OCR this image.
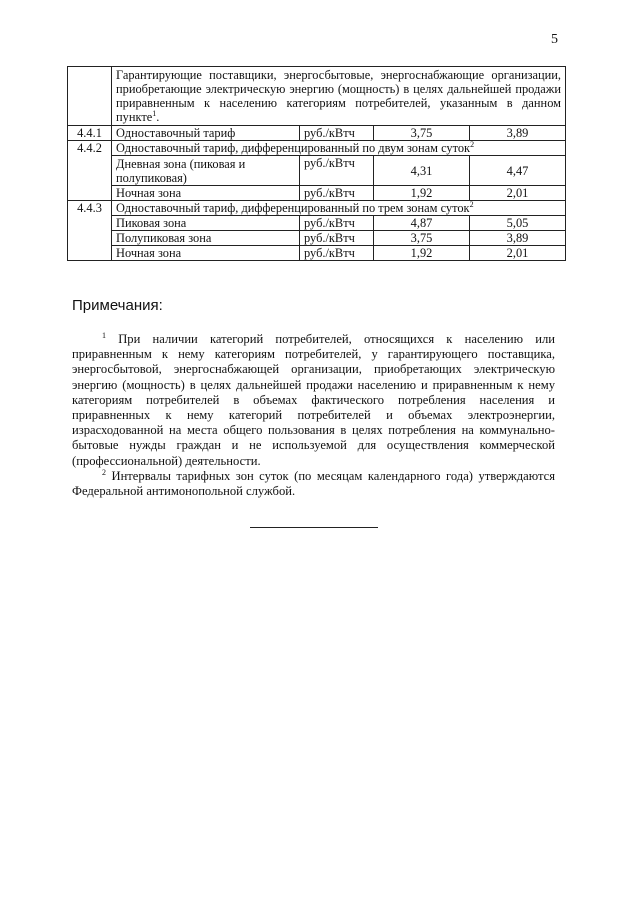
5
	Гарантирующие поставщики, энергосбытовые, энергоснабжающие организации, приобретающие электрическую энергию (мощность) в целях дальнейшей продажи приравненным к населению категориям потребителей, указанным в данном пункте$^1$.			
4.4.1	Одноставочный тариф	руб./кВтч	3,75	3,89
4.4.2	Одноставочный тариф, дифференцированный по двум зонам суток$^2$
	Дневная зона (пиковая и полупиковая)	руб./кВтч	4,31	4,47
	Ночная зона	руб./кВтч	1,92	2,01
4.4.3	Одноставочный тариф, дифференцированный по трем зонам суток$^2$
	Пиковая зона	руб./кВтч	4,87	5,05
	Полупиковая зона	руб./кВтч	3,75	3,89
	Ночная зона	руб./кВтч	1,92	2,01
Примечания:

$^1$ При наличии категорий потребителей, относящихся к населению или приравненным к нему категориям потребителей, у гарантирующего поставщика, энергосбытовой, энергоснабжающей организации, приобретающих электрическую энергию (мощность) в целях дальнейшей продажи населению и приравненным к нему категориям потребителей в объемах фактического потребления населения и приравненных к нему категорий потребителей и объемах электроэнергии, израсходованной на места общего пользования в целях потребления на коммунально-бытовые нужды граждан и не используемой для осуществления коммерческой (профессиональной) деятельности.

$^2$ Интервалы тарифных зон суток (по месяцам календарного года) утверждаются Федеральной антимонопольной службой.
